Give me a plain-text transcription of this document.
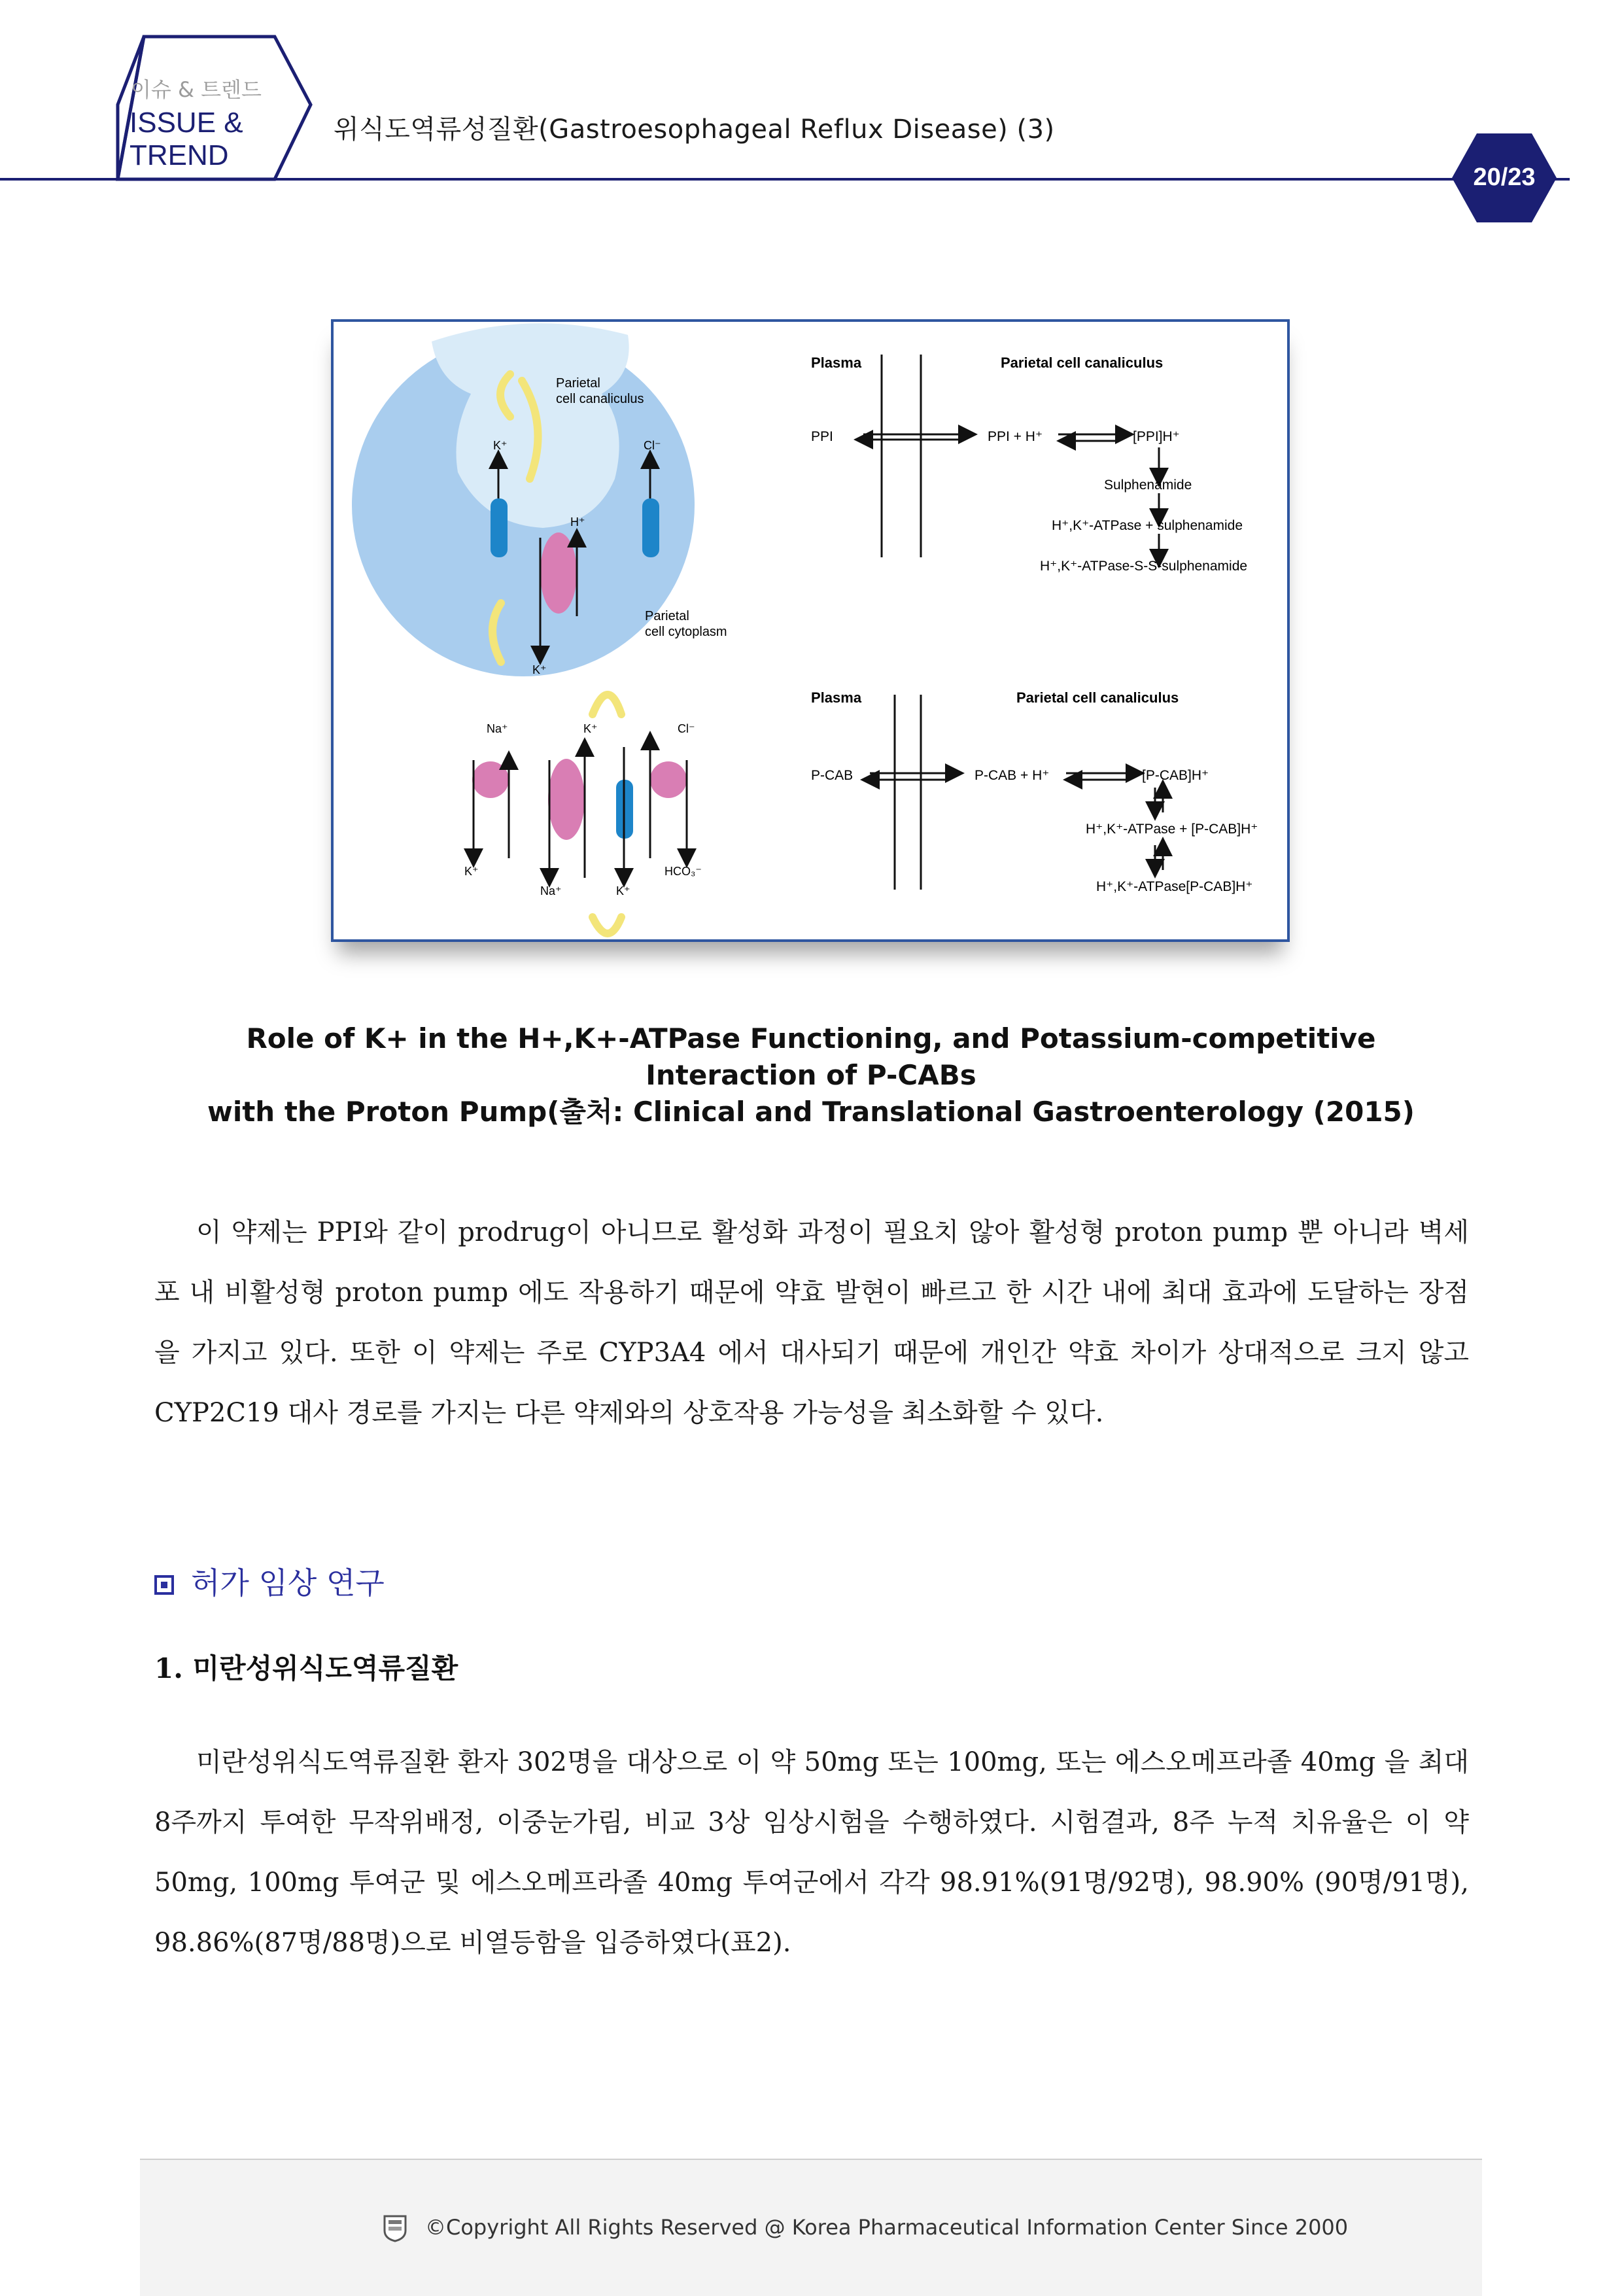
이슈 & 트렌드
ISSUE &
TREND
위식도역류성질환(Gastroesophageal Reflux Disease) (3)
20/23
Parietal
cell canaliculus
Parietal
cell cytoplasm
K⁺	Cl⁻
H⁺
K⁺
Na⁺	K⁺	Cl⁻
K⁺
Na⁺	K⁺
HCO₃⁻
Plasma	Parietal cell canaliculus
PPI	PPI + H⁺	[PPI]H⁺
Sulphenamide
H⁺,K⁺-ATPase + sulphenamide
H⁺,K⁺-ATPase-S-S-sulphenamide
Plasma	Parietal cell canaliculus
P-CAB	P-CAB + H⁺	[P-CAB]H⁺
H⁺,K⁺-ATPase + [P-CAB]H⁺
H⁺,K⁺-ATPase[P-CAB]H⁺
Role of K+ in the H+,K+-ATPase Functioning, and Potassium-competitive Interaction of P-CABs
with the Proton Pump(출처: Clinical and Translational Gastroenterology (2015)
이 약제는 PPI와 같이 prodrug이 아니므로 활성화 과정이 필요치 않아 활성형 proton pump 뿐 아니라 벽세포 내 비활성형 proton pump 에도 작용하기 때문에 약효 발현이 빠르고 한 시간 내에 최대 효과에 도달하는 장점을 가지고 있다. 또한 이 약제는 주로 CYP3A4 에서 대사되기 때문에 개인간 약효 차이가 상대적으로 크지 않고 CYP2C19 대사 경로를 가지는 다른 약제와의 상호작용 가능성을 최소화할 수 있다.
허가 임상 연구
1. 미란성위식도역류질환
미란성위식도역류질환 환자 302명을 대상으로 이 약 50mg 또는 100mg, 또는 에스오메프라졸 40mg 을 최대 8주까지 투여한 무작위배정, 이중눈가림, 비교 3상 임상시험을 수행하였다. 시험결과, 8주 누적 치유율은 이 약 50mg, 100mg 투여군 및 에스오메프라졸 40mg 투여군에서 각각 98.91%(91명/92명), 98.90% (90명/91명), 98.86%(87명/88명)으로 비열등함을 입증하였다(표2).
©Copyright All Rights Reserved @ Korea Pharmaceutical Information Center Since 2000
